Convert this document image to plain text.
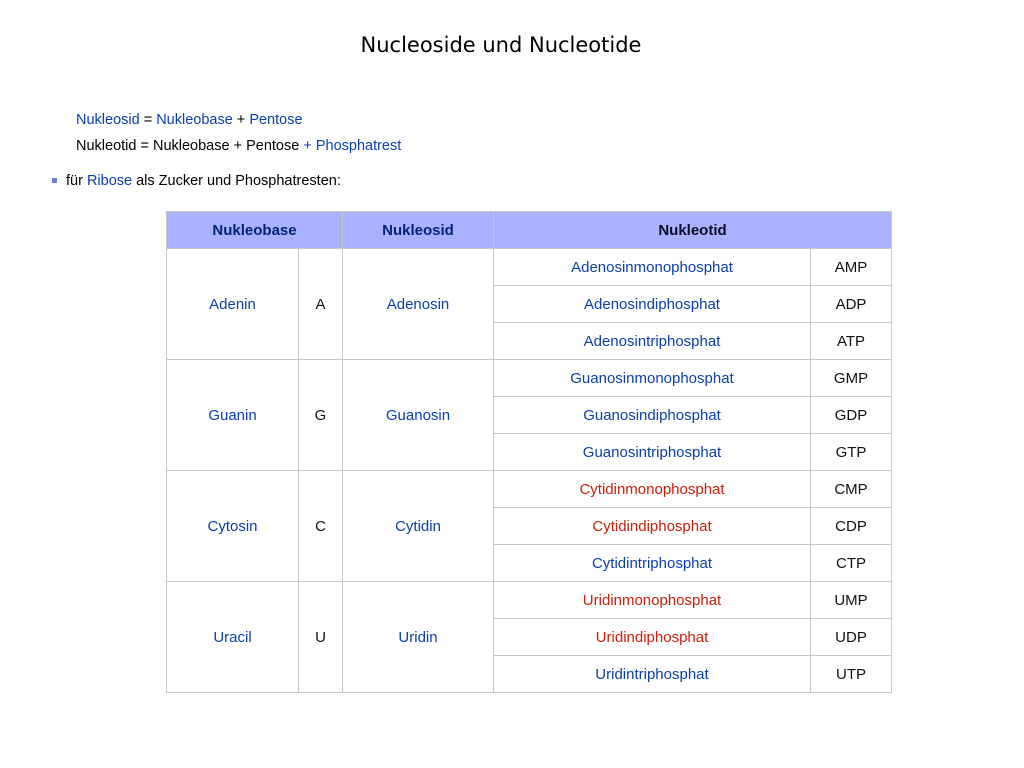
Nucleoside und Nucleotide
Nukleosid = Nukleobase + Pentose
Nukleotid = Nukleobase + Pentose + Phosphatrest
für Ribose als Zucker und Phosphatresten:
Nukleobase		Nukleosid	Nukleotid	
Adenin	A	Adenosin	Adenosinmonophosphat	AMP
			Adenosindiphosphat	ADP
			Adenosintriphosphat	ATP
Guanin	G	Guanosin	Guanosinmonophosphat	GMP
			Guanosindiphosphat	GDP
			Guanosintriphosphat	GTP
Cytosin	C	Cytidin	Cytidinmonophosphat	CMP
			Cytidindiphosphat	CDP
			Cytidintriphosphat	CTP
Uracil	U	Uridin	Uridinmonophosphat	UMP
			Uridindiphosphat	UDP
			Uridintriphosphat	UTP
